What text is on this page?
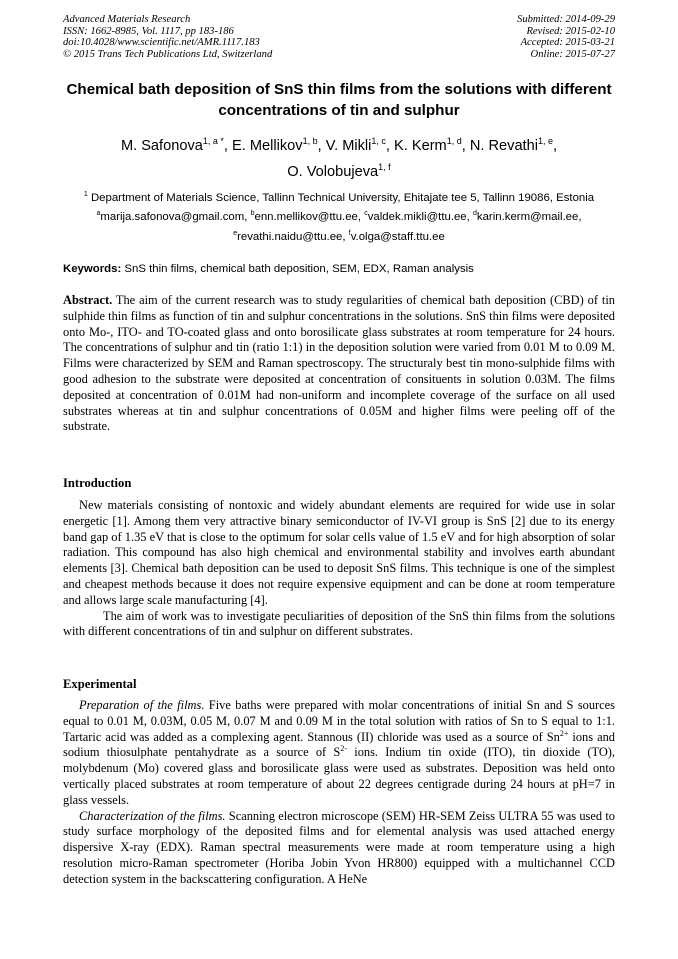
Advanced Materials Research
ISSN: 1662-8985, Vol. 1117, pp 183-186
doi:10.4028/www.scientific.net/AMR.1117.183
© 2015 Trans Tech Publications Ltd, Switzerland
Submitted: 2014-09-29
Revised: 2015-02-10
Accepted: 2015-03-21
Online: 2015-07-27
Chemical bath deposition of SnS thin films from the solutions with different concentrations of tin and sulphur
M. Safonova$^{1, a *}$, E. Mellikov$^{1, b}$, V. Mikli$^{1, c}$, K. Kerm$^{1, d}$, N. Revathi$^{1, e}$,
O. Volobujeva$^{1, f}$
$^1$ Department of Materials Science, Tallinn Technical University, Ehitajate tee 5, Tallinn 19086, Estonia
$^a$marija.safonova@gmail.com, $^b$enn.mellikov@ttu.ee, $^c$valdek.mikli@ttu.ee, $^d$karin.kerm@mail.ee,
$^e$revathi.naidu@ttu.ee, $^f$v.olga@staff.ttu.ee
Keywords: SnS thin films, chemical bath deposition, SEM, EDX, Raman analysis
Abstract. The aim of the current research was to study regularities of chemical bath deposition (CBD) of tin sulphide thin films as function of tin and sulphur concentrations in the solutions. SnS thin films were deposited onto Mo-, ITO- and TO-coated glass and onto borosilicate glass substrates at room temperature for 24 hours. The concentrations of sulphur and tin (ratio 1:1) in the deposition solution were varied from 0.01 M to 0.09 M. Films were characterized by SEM and Raman spectroscopy. The structuraly best tin mono-sulphide films with good adhesion to the substrate were deposited at concentration of consituents in solution 0.03M. The films deposited at concentration of 0.01M had non-uniform and incomplete coverage of the surface on all used substrates whereas at tin and sulphur concentrations of 0.05M and higher films were peeling off of the substrate.
Introduction

New materials consisting of nontoxic and widely abundant elements are required for wide use in solar energetic [1]. Among them very attractive binary semiconductor of IV-VI group is SnS [2] due to its energy band gap of 1.35 eV that is close to the optimum for solar cells value of 1.5 eV and for high absorption of solar radiation. This compound has also high chemical and environmental stability and involves earth abundant elements [3]. Chemical bath deposition can be used to deposit SnS films. This technique is one of the simplest and cheapest methods because it does not require expensive equipment and can be done at room temperature and allows large scale manufacturing [4].

The aim of work was to investigate peculiarities of deposition of the SnS thin films from the solutions with different concentrations of tin and sulphur on different substrates.

Experimental

Preparation of the films. Five baths were prepared with molar concentrations of initial Sn and S sources equal to 0.01 M, 0.03M, 0.05 M, 0.07 M and 0.09 M in the total solution with ratios of Sn to S equal to 1:1. Tartaric acid was added as a complexing agent. Stannous (II) chloride was used as a source of $Sn^{2+}$ ions and sodium thiosulphate pentahydrate as a source of $S^{2-}$ ions. Indium tin oxide (ITO), tin dioxide (TO), molybdenum (Mo) covered glass and borosilicate glass were used as substrates. Deposition was held onto vertically placed substrates at room temperature of about 22 degrees centigrade during 24 hours at pH=7 in glass vessels.

Characterization of the films. Scanning electron microscope (SEM) HR-SEM Zeiss ULTRA 55 was used to study surface morphology of the deposited films and for elemental analysis was used attached energy dispersive X-ray (EDX). Raman spectral measurements were made at room temperature using a high resolution micro-Raman spectrometer (Horiba Jobin Yvon HR800) equipped with a multichannel CCD detection system in the backscattering configuration. A HeNe
